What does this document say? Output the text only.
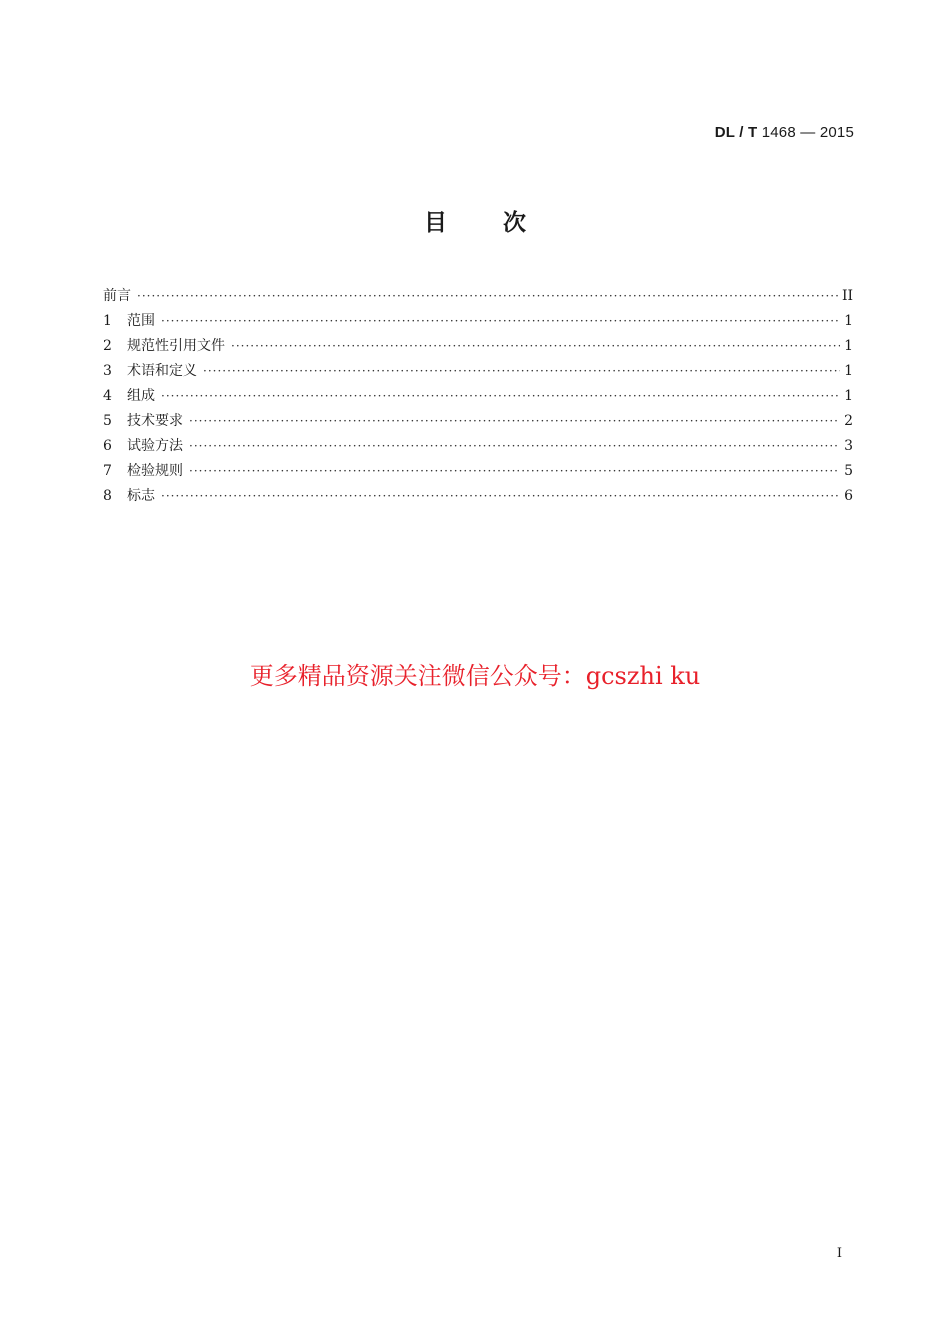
DL / T 1468 — 2015
目 次
前言 ·····	II
1	范围 ·····	1
2	规范性引用文件 ·····	1
3	术语和定义 ·····	1
4	组成 ·····	1
5	技术要求 ·····	2
6	试验方法 ·····	3
7	检验规则 ·····	5
8	标志 ·····	6
更多精品资源关注微信公众号：gcszhi ku
I
